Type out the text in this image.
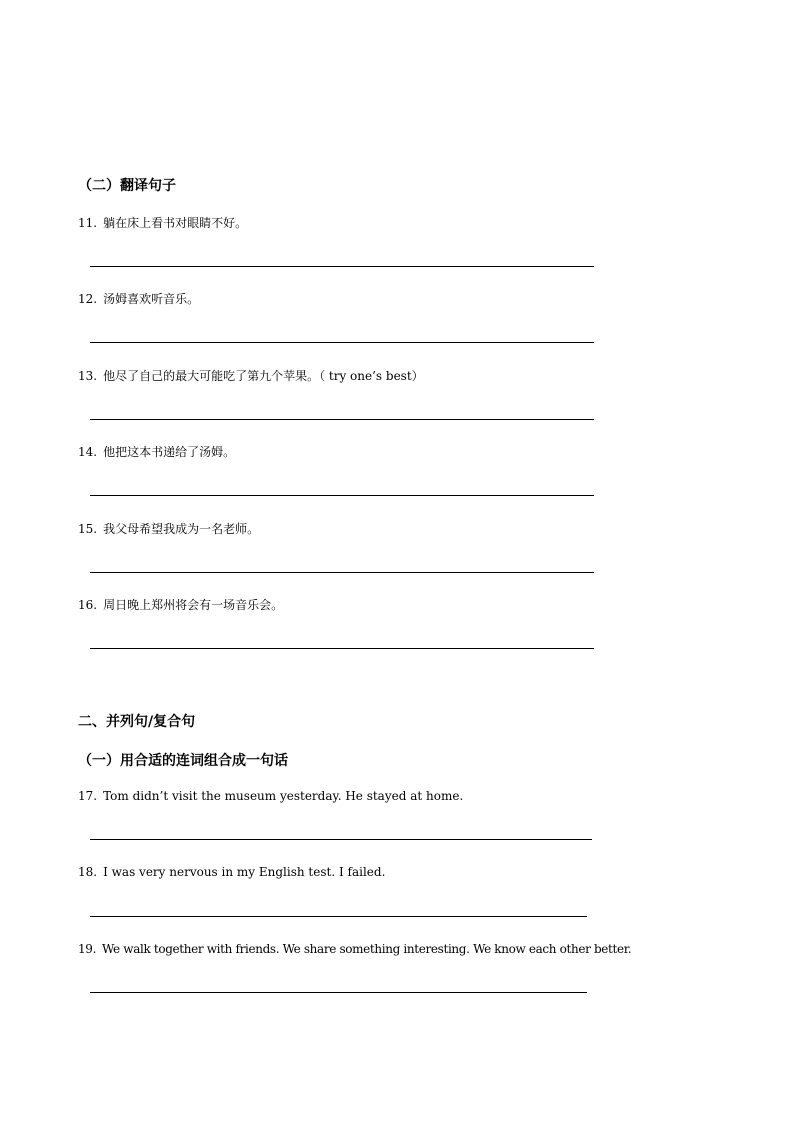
（二）翻译句子
11. 躺在床上看书对眼睛不好。
12. 汤姆喜欢听音乐。
13. 他尽了自己的最大可能吃了第九个苹果。（ try one’s best）
14. 他把这本书递给了汤姆。
15. 我父母希望我成为一名老师。
16. 周日晚上郑州将会有一场音乐会。
二、并列句/复合句
（一）用合适的连词组合成一句话
17. Tom didn’t visit the museum yesterday. He stayed at home.
18. I was very nervous in my English test. I failed.
19. We walk together with friends. We share something interesting. We know each other better.
